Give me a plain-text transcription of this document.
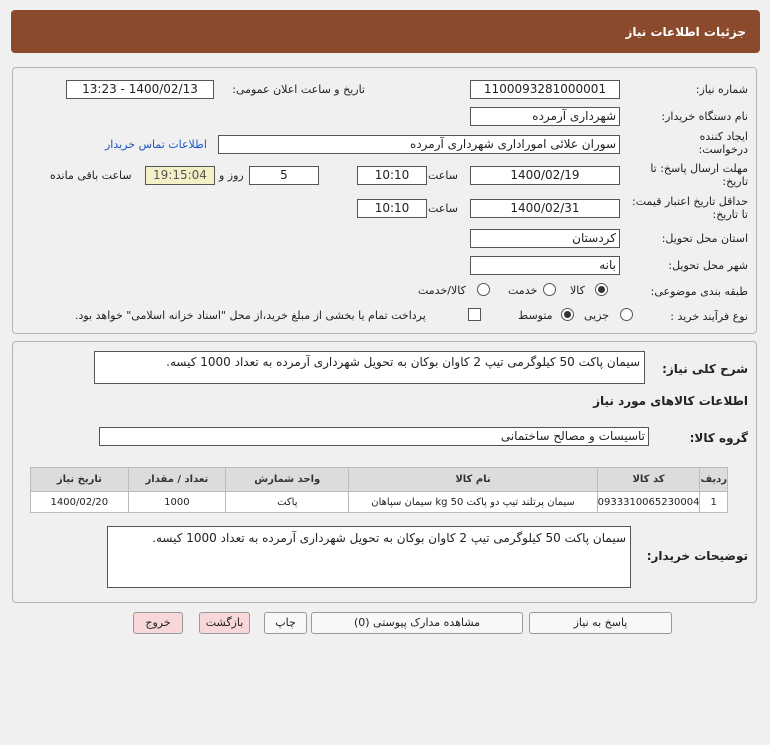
جزئیات اطلاعات نیاز
شماره نیاز:
1100093281000001
تاریخ و ساعت اعلان عمومی:
1400/02/13 - 13:23
نام دستگاه خریدار:
شهرداری آرمرده
ایجاد کننده درخواست:
سوران علائی اموراداری شهرداری آرمردە
اطلاعات تماس خریدار
مهلت ارسال پاسخ: تا تاریخ:
1400/02/19
ساعت
10:10
5
روز و
19:15:04
ساعت باقی مانده
حداقل تاریخ اعتبار قیمت: تا تاریخ:
1400/02/31
ساعت
10:10
استان محل تحویل:
کردستان
شهر محل تحویل:
بانه
طبقه بندی موضوعی:
کالا
خدمت
کالا/خدمت
نوع فرآیند خرید :
جزیی
متوسط
پرداخت تمام یا بخشی از مبلغ خرید،از محل "اسناد خزانه اسلامی" خواهد بود.
شرح کلی نیاز:
سیمان پاکت 50 کیلوگرمی تیپ 2 کاوان بوکان به تحویل شهرداری آرمرده به تعداد 1000 کیسه.
اطلاعات کالاهای مورد نیاز
گروه کالا:
تاسیسات و مصالح ساختمانی
ردیف	کد کالا	نام کالا	واحد شمارش	تعداد / مقدار	تاریخ نیاز
1	0933310065230004	سیمان پرتلند تیپ دو پاکت kg 50 سیمان سپاهان	پاکت	1000	1400/02/20
توضیحات خریدار:
سیمان پاکت 50 کیلوگرمی تیپ 2 کاوان بوکان به تحویل شهرداری آرمرده به تعداد 1000 کیسه.
پاسخ به نیاز
مشاهده مدارک پیوستی (0)
چاپ
بازگشت
خروج
